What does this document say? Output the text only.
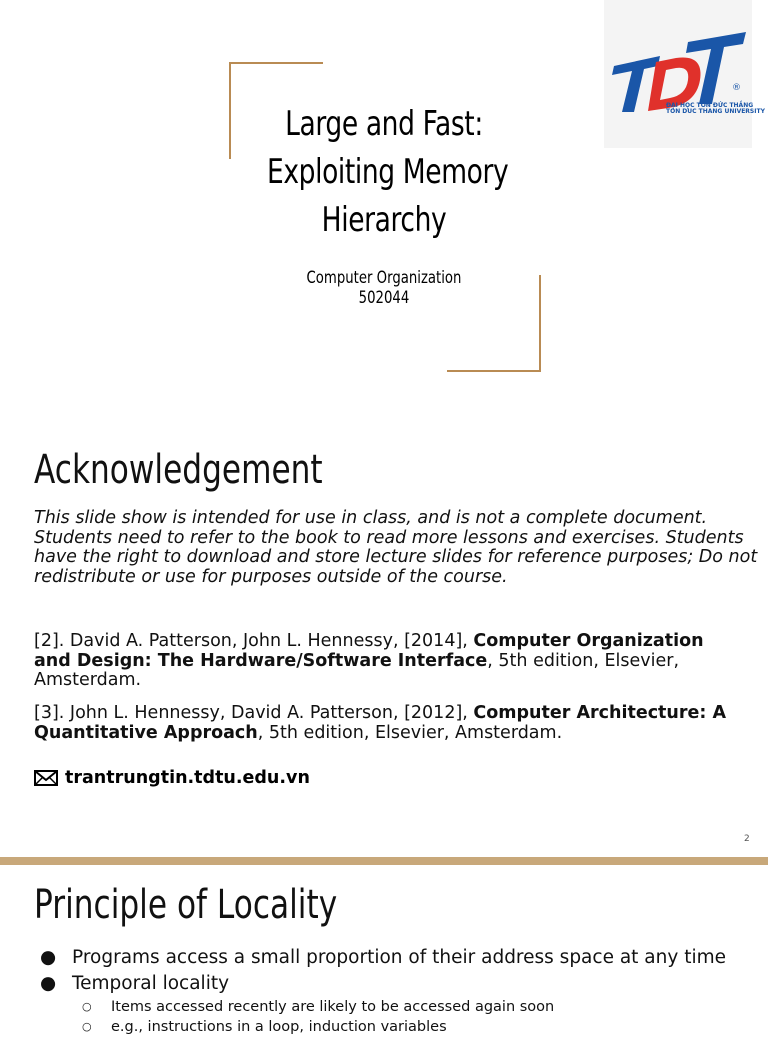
Large and Fast:
Exploiting Memory
Hierarchy
Computer Organization
502044
®
ĐẠI HỌC TÔN ĐỨC THẮNG
TON DUC THANG UNIVERSITY
Acknowledgement
This slide show is intended for use in class, and is not a complete document.
Students need to refer to the book to read more lessons and exercises. Students
have the right to download and store lecture slides for reference purposes; Do not
redistribute or use for purposes outside of the course.
[2]. David A. Patterson, John L. Hennessy, [2014], Computer Organization
and Design: The Hardware/Software Interface, 5th edition, Elsevier,
Amsterdam.
[3]. John L. Hennessy, David A. Patterson, [2012], Computer Architecture: A
Quantitative Approach, 5th edition, Elsevier, Amsterdam.
trantrungtin.tdtu.edu.vn
2
Principle of Locality
● Programs access a small proportion of their address space at any time
● Temporal locality
○	Items accessed recently are likely to be accessed again soon
○	e.g., instructions in a loop, induction variables
